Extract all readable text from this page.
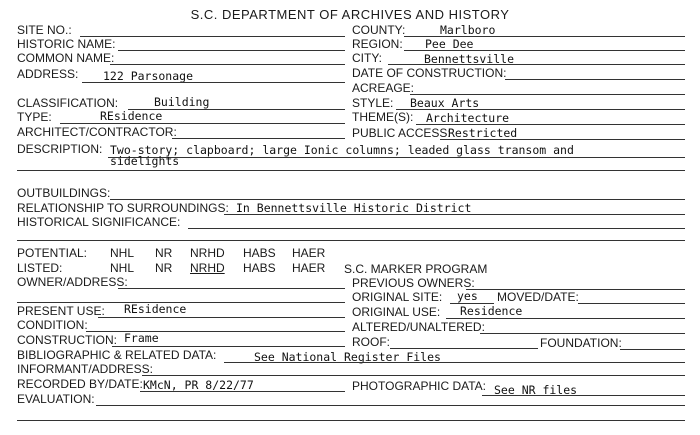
S.C. DEPARTMENT OF ARCHIVES AND HISTORY
SITE NO.:
HISTORIC NAME:
COMMON NAME:
ADDRESS: 122 Parsonage
COUNTY:	Marlboro
REGION: Pee Dee
CITY:	Bennettsville
DATE OF CONSTRUCTION:
ACREAGE:
CLASSIFICATION:	Building
TYPE:	REsidence
ARCHITECT/CONTRACTOR:
STYLE: Beaux Arts
THEME(S): Architecture
PUBLIC ACCESS:
Restricted
DESCRIPTION: Two-story; clapboard; large Ionic columns; leaded glass transom and
sidelights
OUTBUILDINGS:
RELATIONSHIP TO SURROUNDINGS: In Bennettsville Historic District
HISTORICAL SIGNIFICANCE:
POTENTIAL: NHL NR NRHD HABS HAER
LISTED:	NHL NR NRHD HABS HAER S.C. MARKER PROGRAM
OWNER/ADDRESS:
PRESENT USE: REsidence
CONDITION:
CONSTRUCTION: Frame
BIBLIOGRAPHIC & RELATED DATA:	See National Register Files
INFORMANT/ADDRESS:
RECORDED BY/DATE: KMcN, PR 8/22/77
EVALUATION:
PREVIOUS OWNERS:
ORIGINAL SITE: yes MOVED/DATE:
ORIGINAL USE: Residence
ALTERED/UNALTERED:
ROOF:	FOUNDATION:
PHOTOGRAPHIC DATA: See NR files
